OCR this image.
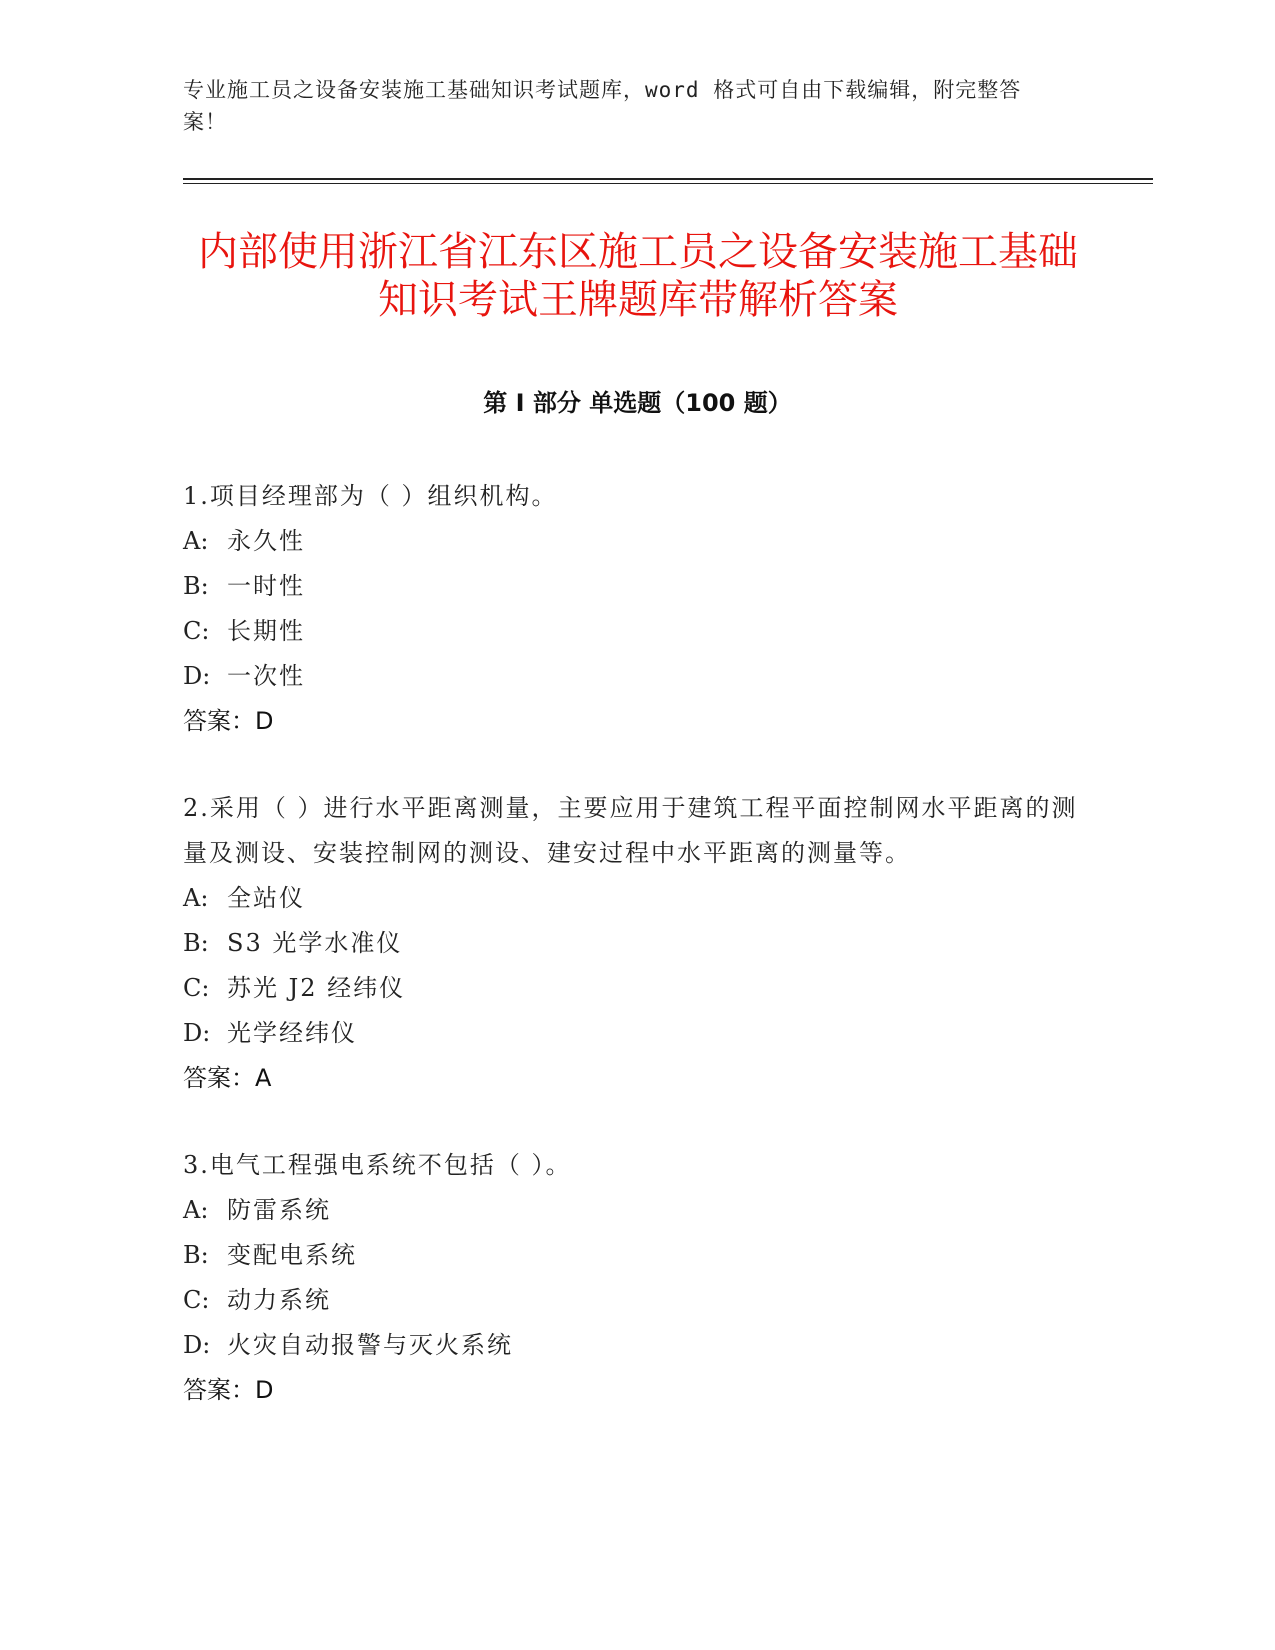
专业施工员之设备安装施工基础知识考试题库，word 格式可自由下载编辑，附完整答案！
内部使用浙江省江东区施工员之设备安装施工基础知识考试王牌题库带解析答案
第 I 部分 单选题（100 题）
1.项目经理部为（ ）组织机构。
A: 永久性
B: 一时性
C: 长期性
D: 一次性
答案：D
2.采用（ ）进行水平距离测量，主要应用于建筑工程平面控制网水平距离的测量及测设、安装控制网的测设、建安过程中水平距离的测量等。
A: 全站仪
B: S3 光学水准仪
C: 苏光 J2 经纬仪
D: 光学经纬仪
答案：A
3.电气工程强电系统不包括（ ）。
A: 防雷系统
B: 变配电系统
C: 动力系统
D: 火灾自动报警与灭火系统
答案：D
